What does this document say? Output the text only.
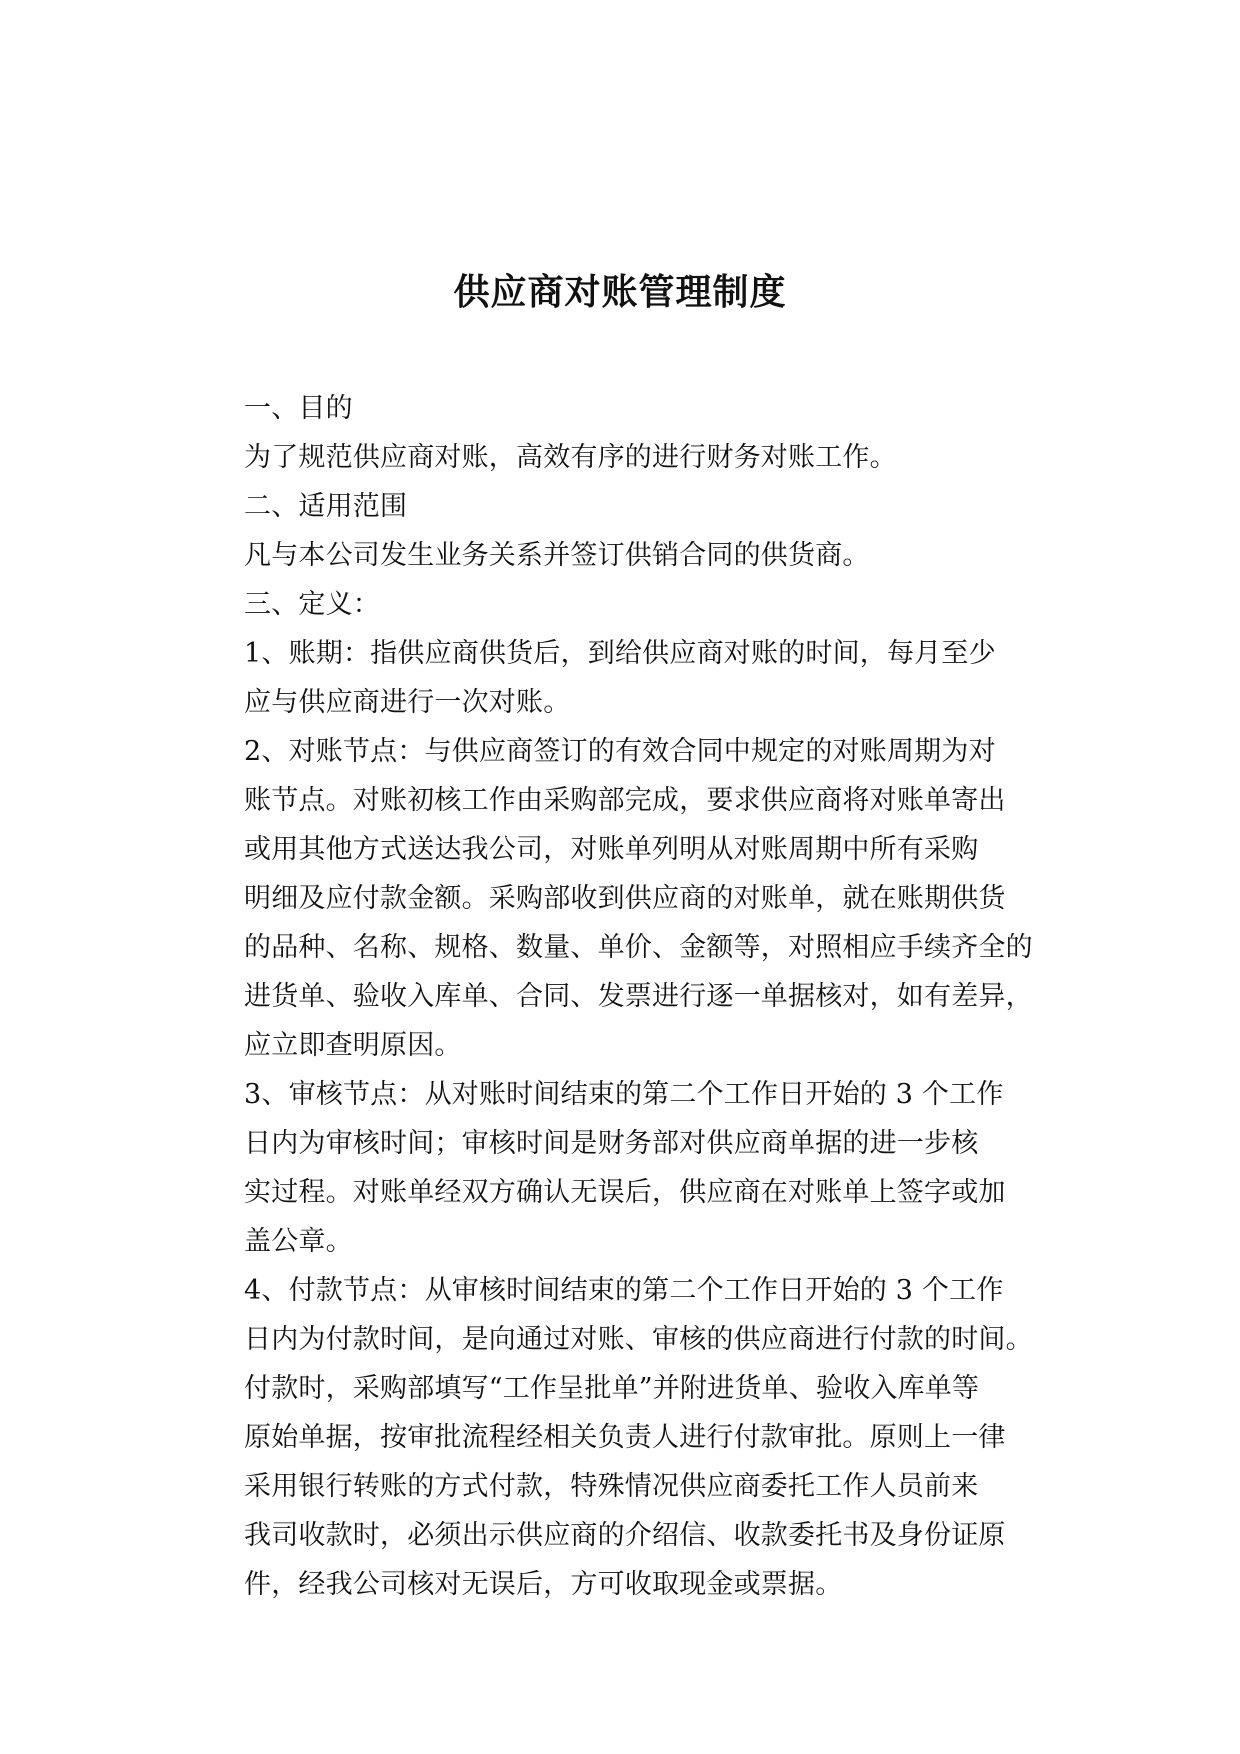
供应商对账管理制度
一、目的
为了规范供应商对账，高效有序的进行财务对账工作。
二、适用范围
凡与本公司发生业务关系并签订供销合同的供货商。
三、定义：
1、账期：指供应商供货后，到给供应商对账的时间，每月至少
应与供应商进行一次对账。
2、对账节点：与供应商签订的有效合同中规定的对账周期为对
账节点。对账初核工作由采购部完成，要求供应商将对账单寄出
或用其他方式送达我公司，对账单列明从对账周期中所有采购
明细及应付款金额。采购部收到供应商的对账单，就在账期供货
的品种、名称、规格、数量、单价、金额等，对照相应手续齐全的
进货单、验收入库单、合同、发票进行逐一单据核对，如有差异，
应立即查明原因。
3、审核节点：从对账时间结束的第二个工作日开始的 3 个工作
日内为审核时间；审核时间是财务部对供应商单据的进一步核
实过程。对账单经双方确认无误后，供应商在对账单上签字或加
盖公章。
4、付款节点：从审核时间结束的第二个工作日开始的 3 个工作
日内为付款时间，是向通过对账、审核的供应商进行付款的时间。
付款时，采购部填写“工作呈批单”并附进货单、验收入库单等
原始单据，按审批流程经相关负责人进行付款审批。原则上一律
采用银行转账的方式付款，特殊情况供应商委托工作人员前来
我司收款时，必须出示供应商的介绍信、收款委托书及身份证原
件，经我公司核对无误后，方可收取现金或票据。
